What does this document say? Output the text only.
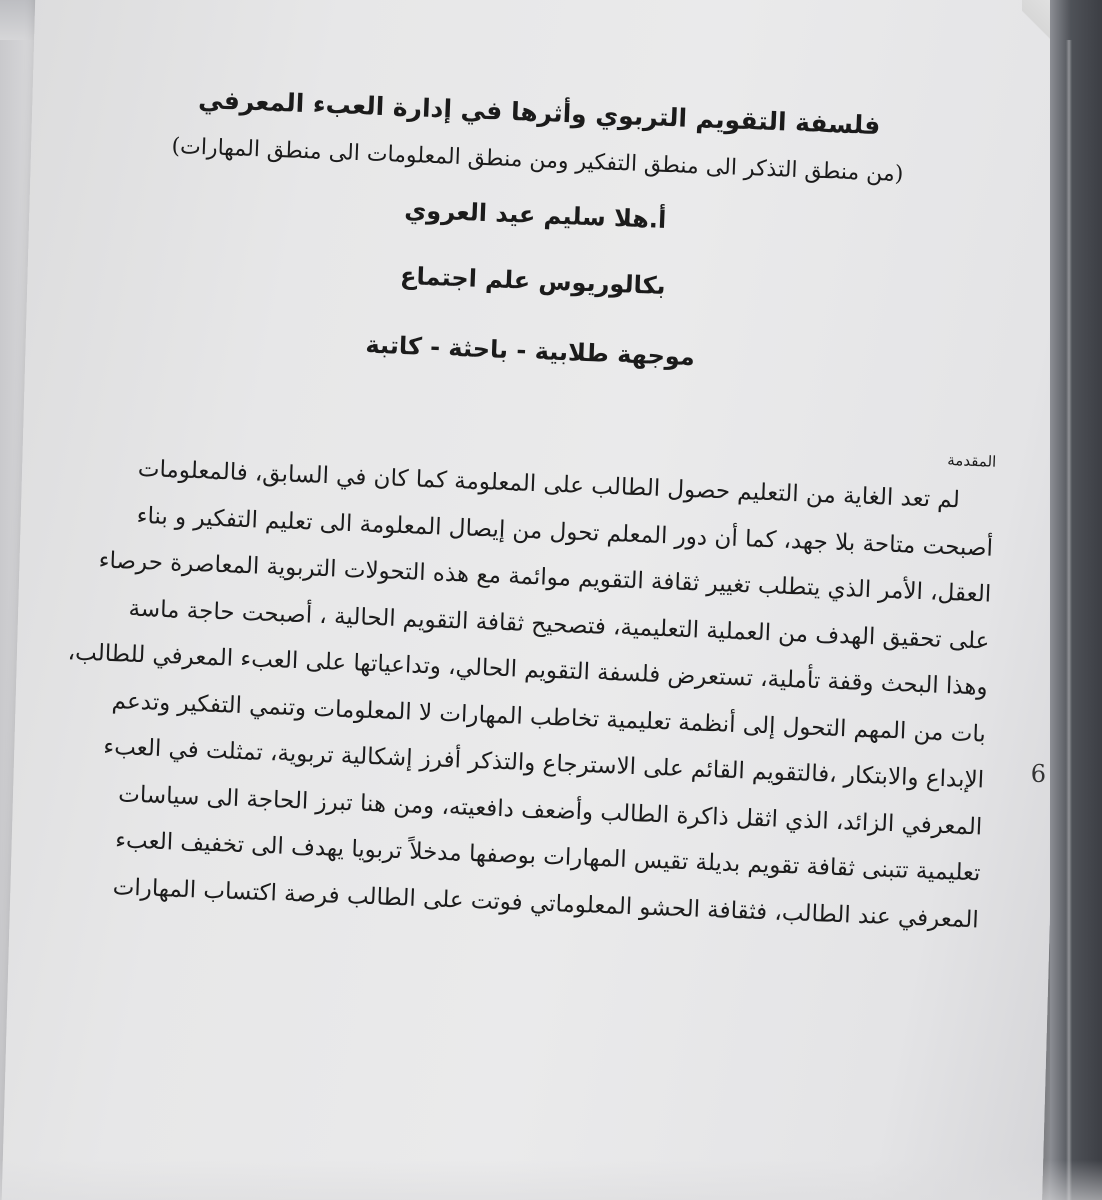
فلسفة التقويم التربوي وأثرها في إدارة العبء المعرفي
(من منطق التذكر الى منطق التفكير ومن منطق المعلومات الى منطق المهارات)
أ.هلا سليم عيد العروي
بكالوريوس علم اجتماع
موجهة طلابية - باحثة - كاتبة
المقدمة
لم تعد الغاية من التعليم حصول الطالب على المعلومة كما كان في السابق، فالمعلومات
أصبحت متاحة بلا جهد، كما أن دور المعلم تحول من إيصال المعلومة الى تعليم التفكير و بناء
العقل، الأمر الذي يتطلب تغيير ثقافة التقويم موائمة مع هذه التحولات التربوية المعاصرة حرصاء
على تحقيق الهدف من العملية التعليمية، فتصحيح ثقافة التقويم الحالية ، أصبحت حاجة ماسة
وهذا البحث وقفة تأملية، تستعرض فلسفة التقويم الحالي، وتداعياتها على العبء المعرفي للطالب،
بات من المهم التحول إلى أنظمة تعليمية تخاطب المهارات لا المعلومات وتنمي التفكير وتدعم
الإبداع والابتكار ،فالتقويم القائم على الاسترجاع والتذكر أفرز إشكالية تربوية، تمثلت في العبء
المعرفي الزائد، الذي اثقل ذاكرة الطالب وأضعف دافعيته، ومن هنا تبرز الحاجة الى سياسات
تعليمية تتبنى ثقافة تقويم بديلة تقيس المهارات بوصفها مدخلاً تربويا يهدف الى تخفيف العبء
المعرفي عند الطالب، فثقافة الحشو المعلوماتي فوتت على الطالب فرصة اكتساب المهارات
6
